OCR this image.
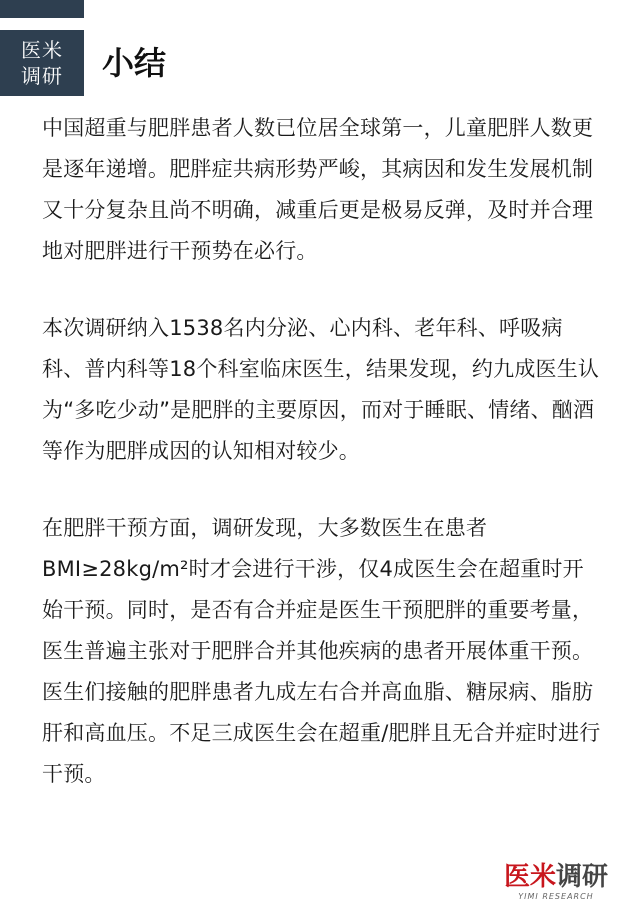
医米
调研 小结

中国超重与肥胖患者人数已位居全球第一，儿童肥胖人数更是逐年递增。肥胖症共病形势严峻，其病因和发生发展机制又十分复杂且尚不明确，减重后更是极易反弹，及时并合理地对肥胖进行干预势在必行。

本次调研纳入1538名内分泌、心内科、老年科、呼吸病科、普内科等18个科室临床医生，结果发现，约九成医生认为“多吃少动”是肥胖的主要原因，而对于睡眠、情绪、酗酒等作为肥胖成因的认知相对较少。

在肥胖干预方面，调研发现，大多数医生在患者BMI≥28kg/m²时才会进行干涉，仅4成医生会在超重时开始干预。同时，是否有合并症是医生干预肥胖的重要考量，医生普遍主张对于肥胖合并其他疾病的患者开展体重干预。医生们接触的肥胖患者九成左右合并高血脂、糖尿病、脂肪肝和高血压。不足三成医生会在超重/肥胖且无合并症时进行干预。

医米调研
YIMI RESEARCH
